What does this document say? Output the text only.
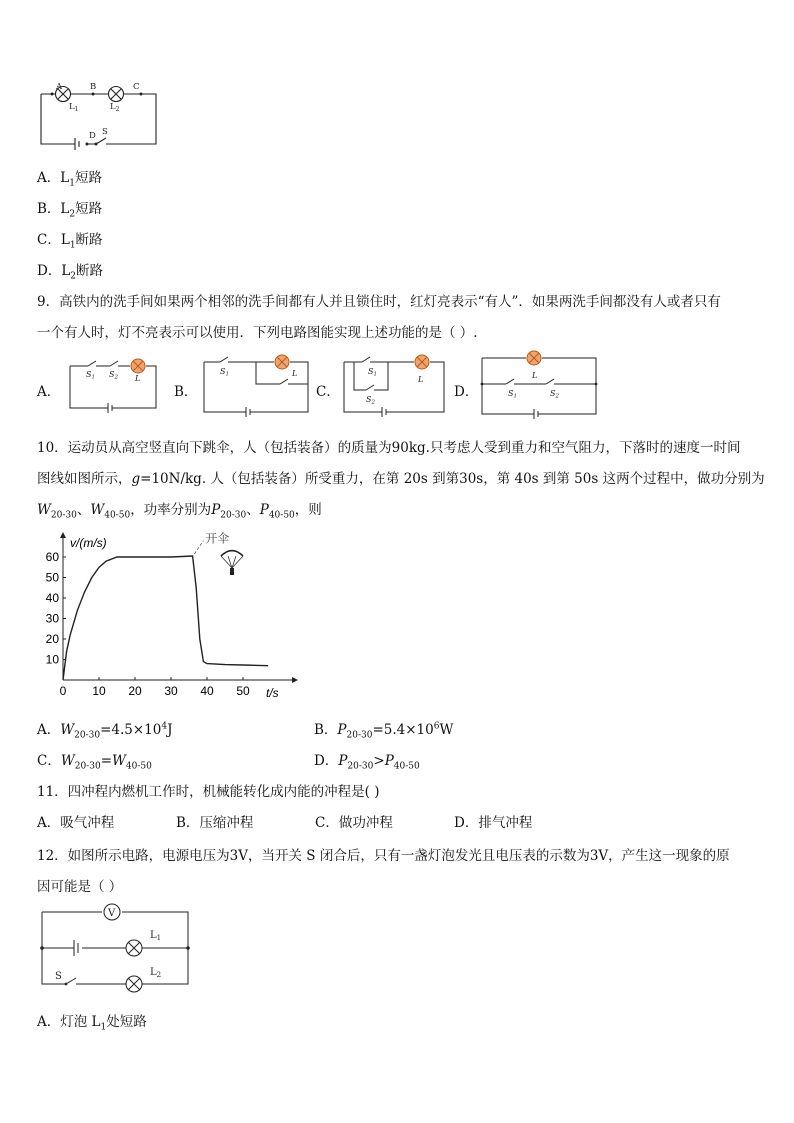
A	B	C
D S
$L_1$	$L_2$
A．$L_1$短路
B．$L_2$短路
C．$L_1$断路
D．$L_2$断路
9．高铁内的洗手间如果两个相邻的洗手间都有人并且锁住时，红灯亮表示“有人”．如果两洗手间都没有人或者只有
一个有人时，灯不亮表示可以使用．下列电路图能实现上述功能的是（ ）.
A．
S1 S2 L
B．
S1	L
C．
S1
S2
L
D．
L
S1	S2
10．运动员从高空竖直向下跳伞，人（包括装备）的质量为90kg.只考虑人受到重力和空气阻力，下落时的速度一时间
图线如图所示，g=10N/kg. 人（包括装备）所受重力，在第 20s 到第30s，第 40s 到第 50s 这两个过程中，做功分别为
$W_{20-30}$、$W_{40-50}$，功率分别为$P_{20-30}$、$P_{40-50}$，则
v/(m/s)
t/s
0 10 20 30 40 50
10
20
30
40
50
60
开伞
A．$W_{20-30}=4.5\times 10^4J$	B．$P_{20-30}=5.4\times 10^6W$
C．$W_{20-30}=W_{40-50}$	D．$P_{20-30}>P_{40-50}$
11．四冲程内燃机工作时，机械能转化成内能的冲程是( )
A．吸气冲程	B．压缩冲程	C．做功冲程	D．排气冲程
12．如图所示电路，电源电压为3V，当开关 S 闭合后，只有一盏灯泡发光且电压表的示数为3V，产生这一现象的原
因可能是（ ）
V
$L_1$
$L_2$
S
A．灯泡 $L_1$处短路
